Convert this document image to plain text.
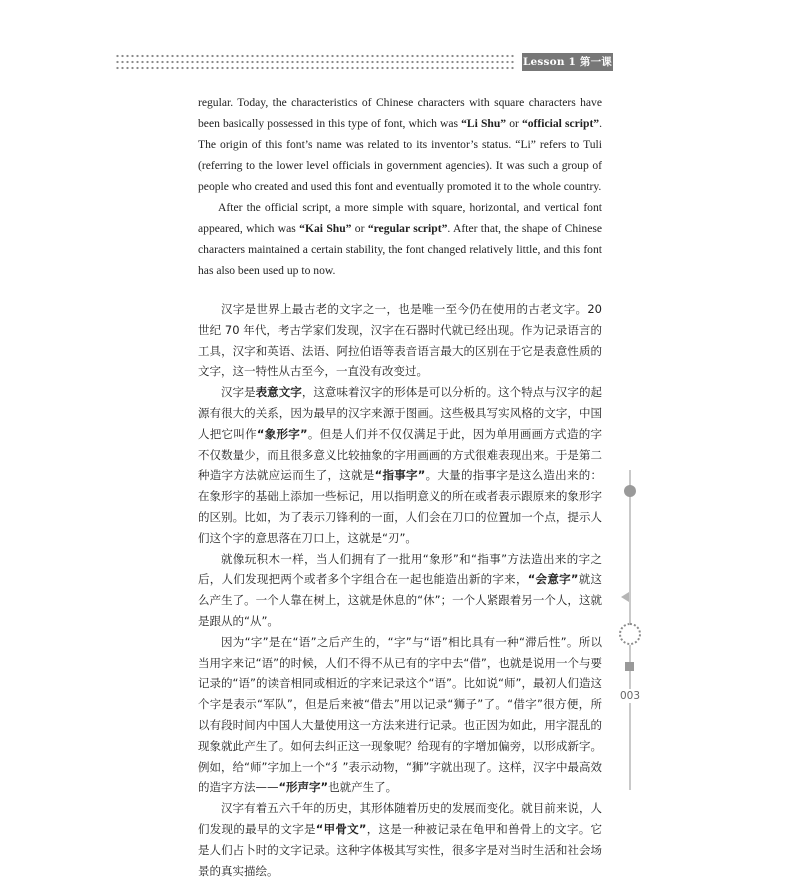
Lesson 1 第一课

regular. Today, the characteristics of Chinese characters with square characters have been basically possessed in this type of font, which was “Li Shu” or “official script”. The origin of this font’s name was related to its inventor’s status. “Li” refers to Tuli (referring to the lower level officials in government agencies). It was such a group of people who created and used this font and eventually promoted it to the whole country.

After the official script, a more simple with square, horizontal, and vertical font appeared, which was “Kai Shu” or “regular script”. After that, the shape of Chinese characters maintained a certain stability, the font changed relatively little, and this font has also been used up to now.

汉字是世界上最古老的文字之一，也是唯一至今仍在使用的古老文字。20 世纪 70 年代，考古学家们发现，汉字在石器时代就已经出现。作为记录语言的工具，汉字和英语、法语、阿拉伯语等表音语言最大的区别在于它是表意性质的文字，这一特性从古至今，一直没有改变过。

汉字是表意文字，这意味着汉字的形体是可以分析的。这个特点与汉字的起源有很大的关系，因为最早的汉字来源于图画。这些极具写实风格的文字，中国人把它叫作“象形字”。但是人们并不仅仅满足于此，因为单用画画方式造的字不仅数量少，而且很多意义比较抽象的字用画画的方式很难表现出来。于是第二种造字方法就应运而生了，这就是“指事字”。大量的指事字是这么造出来的：在象形字的基础上添加一些标记，用以指明意义的所在或者表示跟原来的象形字的区别。比如，为了表示刀锋利的一面，人们会在刀口的位置加一个点，提示人们这个字的意思落在刀口上，这就是“刃”。

就像玩积木一样，当人们拥有了一批用“象形”和“指事”方法造出来的字之后，人们发现把两个或者多个字组合在一起也能造出新的字来，“会意字”就这么产生了。一个人靠在树上，这就是休息的“休”；一个人紧跟着另一个人，这就是跟从的“从”。

因为“字”是在“语”之后产生的，“字”与“语”相比具有一种“滞后性”。所以当用字来记“语”的时候，人们不得不从已有的字中去“借”，也就是说用一个与要记录的“语”的读音相同或相近的字来记录这个“语”。比如说“师”，最初人们造这个字是表示“军队”，但是后来被“借去”用以记录“狮子”了。“借字”很方便，所以有段时间内中国人大量使用这一方法来进行记录。也正因为如此，用字混乱的现象就此产生了。如何去纠正这一现象呢？给现有的字增加偏旁，以形成新字。例如，给“师”字加上一个“犭”表示动物，“狮”字就出现了。这样，汉字中最高效的造字方法——“形声字”也就产生了。

汉字有着五六千年的历史，其形体随着历史的发展而变化。就目前来说，人们发现的最早的文字是“甲骨文”，这是一种被记录在龟甲和兽骨上的文字。它是人们占卜时的文字记录。这种字体极其写实性，很多字是对当时生活和社会场景的真实描绘。

003
